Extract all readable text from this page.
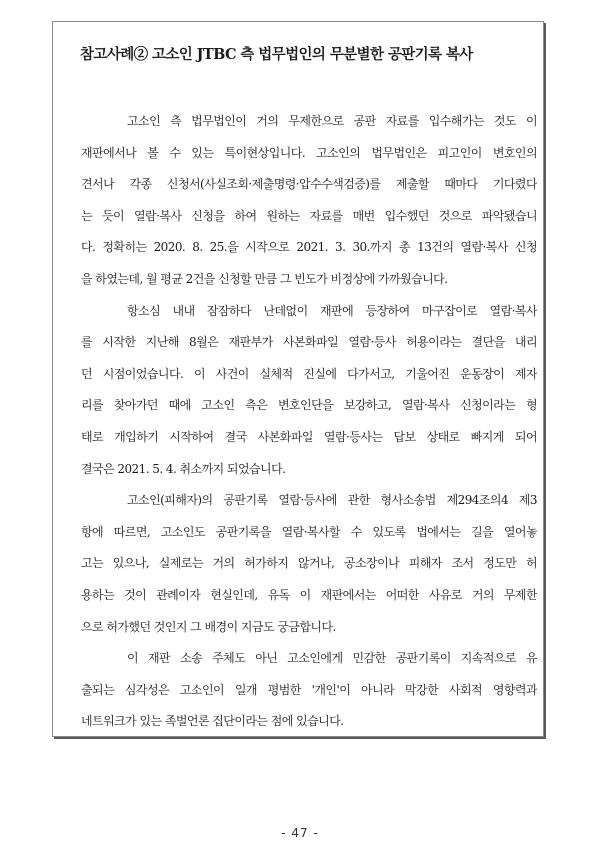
참고사례② 고소인 JTBC 측 법무법인의 무분별한 공판기록 복사
고소인 측 법무법인이 거의 무제한으로 공판 자료를 입수해가는 것도 이
재판에서나 볼 수 있는 특이현상입니다. 고소인의 법무법인은 피고인이 변호인의
견서나 각종 신청서(사실조회·제출명령·압수수색검증)를 제출할 때마다 기다렸다
는 듯이 열람·복사 신청을 하여 원하는 자료를 매번 입수했던 것으로 파악됐습니
다. 정확히는 2020. 8. 25.을 시작으로 2021. 3. 30.까지 총 13건의 열람·복사 신청
을 하였는데, 월 평균 2건을 신청할 만큼 그 빈도가 비정상에 가까웠습니다.
항소심 내내 잠잠하다 난데없이 재판에 등장하여 마구잡이로 열람·복사
를 시작한 지난해 8월은 재판부가 사본화파일 열람·등사 허용이라는 결단을 내리
던 시점이었습니다. 이 사건이 실체적 진실에 다가서고, 기울어진 운동장이 제자
리를 찾아가던 때에 고소인 측은 변호인단을 보강하고, 열람·복사 신청이라는 형
태로 개입하기 시작하여 결국 사본화파일 열람·등사는 답보 상태로 빠지게 되어
결국은 2021. 5. 4. 취소까지 되었습니다.
고소인(피해자)의 공판기록 열람·등사에 관한 형사소송법 제294조의4 제3
항에 따르면, 고소인도 공판기록을 열람·복사할 수 있도록 법에서는 길을 열어놓
고는 있으나, 실제로는 거의 허가하지 않거나, 공소장이나 피해자 조서 정도만 허
용하는 것이 관례이자 현실인데, 유독 이 재판에서는 어떠한 사유로 거의 무제한
으로 허가했던 것인지 그 배경이 지금도 궁금합니다.
이 재판 소송 주체도 아닌 고소인에게 민감한 공판기록이 지속적으로 유
출되는 심각성은 고소인이 일개 평범한 '개인'이 아니라 막강한 사회적 영향력과
네트워크가 있는 족벌언론 집단이라는 점에 있습니다.
- 47 -
